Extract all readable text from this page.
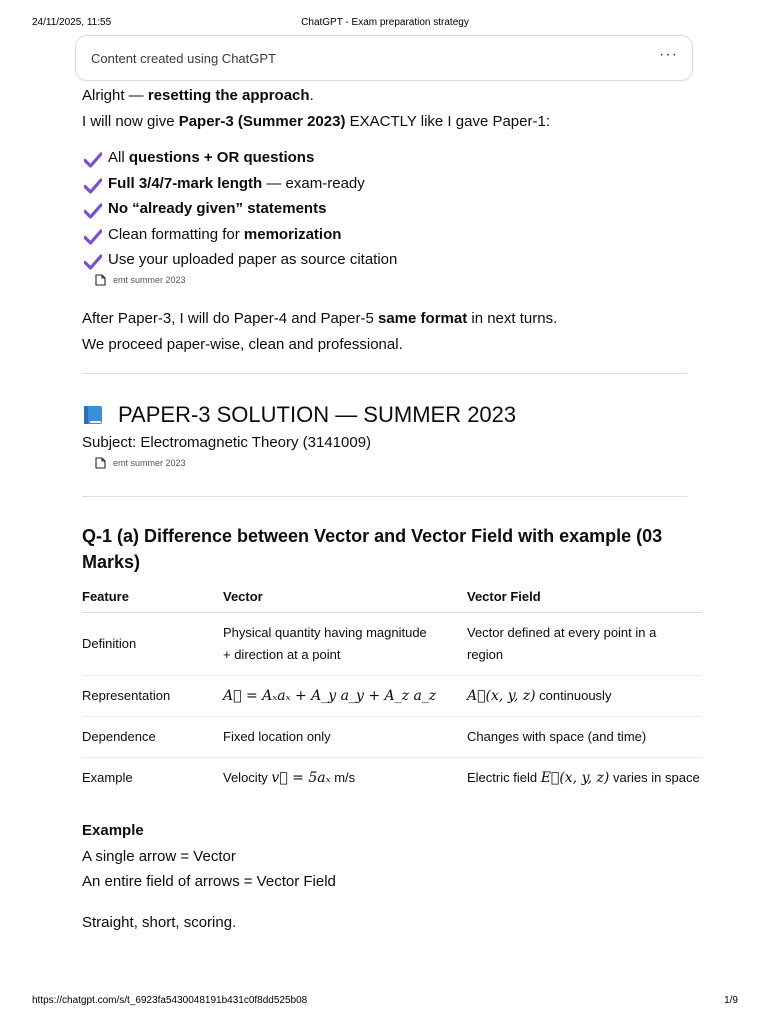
24/11/2025, 11:55	ChatGPT - Exam preparation strategy
Content created using ChatGPT	···

Alright — resetting the approach.

I will now give Paper-3 (Summer 2023) EXACTLY like I gave Paper-1:

All questions + OR questions
Full 3/4/7-mark length — exam-ready
No “already given” statements
Clean formatting for memorization
Use your uploaded paper as source citation
emt summer 2023

After Paper-3, I will do Paper-4 and Paper-5 same format in next turns.

We proceed paper-wise, clean and professional.

PAPER-3 SOLUTION — SUMMER 2023

Subject: Electromagnetic Theory (3141009)

emt summer 2023
Q-1 (a) Difference between Vector and Vector Field with example (03 Marks)
Feature	Vector	Vector Field
Definition	Physical quantity having magnitude + direction at a point	Vector defined at every point in a region
Representation	A⃗ = Aₓaₓ + A_y a_y + A_z a_z	A⃗(x, y, z) continuously
Dependence	Fixed location only	Changes with space (and time)
Example	Velocity v⃗ = 5aₓ m/s	Electric field E⃗(x, y, z) varies in space

Example

A single arrow = Vector

An entire field of arrows = Vector Field

Straight, short, scoring.

https://chatgpt.com/s/t_6923fa5430048191b431c0f8dd525b08	1/9
